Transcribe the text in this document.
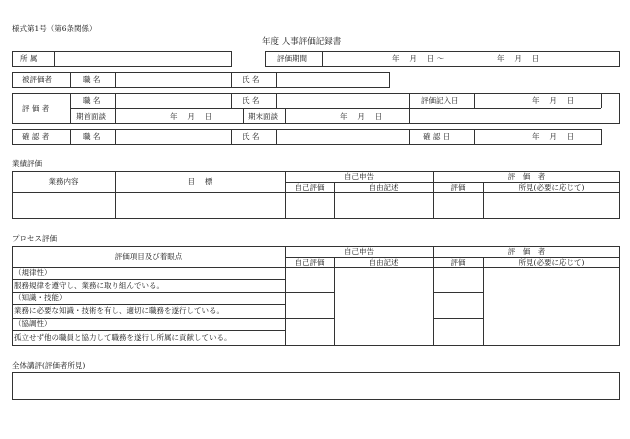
様式第1号（第6条関係）
年度 人事評価記録書
所 属	評価期間	年　 月　 日 〜	年　 月　 日
被評価者	職 名	氏 名
評 価 者
職 名	氏 名	評価記入日	年　 月　 日
期首面談	年　 月　 日	期末面談	年　 月　 日
確 認 者	職 名	氏 名	確 認 日	年　 月　 日
業績評価
業務内容	目　 標
自己申告	評　価　者
自己評価	自由記述	評価	所見(必要に応じて)
プロセス評価
評価項目及び着眼点
自己申告	評　価　者
自己評価	自由記述	評価	所見(必要に応じて)
（規律性）
服務規律を遵守し、業務に取り組んでいる。
（知識・技能）
業務に必要な知識・技術を有し、適切に職務を遂行している。
（協調性）
孤立せず他の職員と協力して職務を遂行し所属に貢献している。
全体講評(評価者所見)
